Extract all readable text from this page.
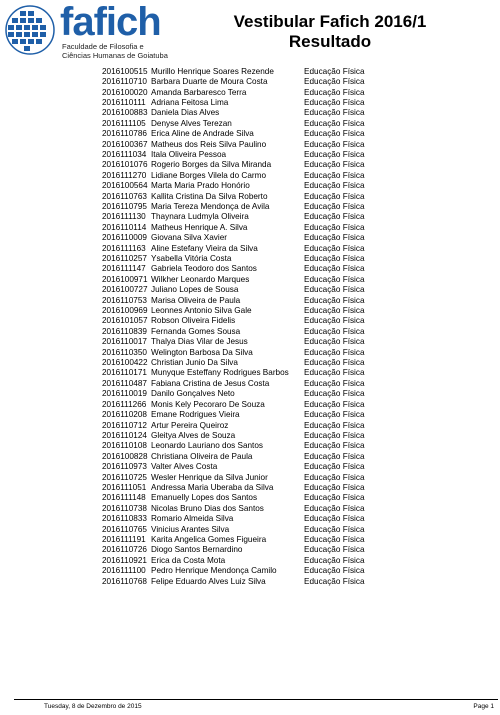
fafich
Faculdade de Filosofia e
Ciências Humanas de Goiatuba
Vestibular Fafich 2016/1
Resultado
2016100515 Murillo Henrique Soares Rezende	Educação Física
2016110710 Barbara Duarte de Moura Costa	Educação Física
2016100020 Amanda Barbaresco Terra	Educação Física
2016110111 Adriana Feitosa Lima	Educação Física
2016100883 Daniela Dias Alves	Educação Física
2016111105 Denyse Alves Terezan	Educação Física
2016110786 Erica Aline de Andrade Silva	Educação Física
2016100367 Matheus dos Reis Silva Paulino	Educação Física
2016111034 Itala Oliveira Pessoa	Educação Física
2016101076 Rogerio Borges da Silva Miranda	Educação Física
2016111270 Lidiane Borges Vilela do Carmo	Educação Física
2016100564 Marta Maria Prado Honório	Educação Física
2016110763 Kallita Cristina Da Silva Roberto	Educação Física
2016110795 Maria Tereza Mendonça de Avila	Educação Física
2016111130 Thaynara Ludmyla Oliveira	Educação Física
2016110114 Matheus Henrique A. Silva	Educação Física
2016110009 Giovana Silva Xavier	Educação Física
2016111163 Aline Estefany Vieira da Silva	Educação Física
2016110257 Ysabella Vitória Costa	Educação Física
2016111147 Gabriela Teodoro dos Santos	Educação Física
2016100971 Wilkher Leonardo Marques	Educação Física
2016100727 Juliano Lopes de Sousa	Educação Física
2016110753 Marisa Oliveira de Paula	Educação Física
2016100969 Leonnes Antonio Silva Gale	Educação Física
2016101057 Robson Oliveira Fidelis	Educação Física
2016110839 Fernanda Gomes Sousa	Educação Física
2016110017 Thalya Dias Vilar de Jesus	Educação Física
2016110350 Welington Barbosa Da Silva	Educação Física
2016100422 Christian Junio Da Silva	Educação Física
2016110171 Munyque Esteffany Rodrigues Barbos	Educação Física
2016110487 Fabiana Cristina de Jesus Costa	Educação Física
2016110019 Danilo Gonçalves Neto	Educação Física
2016111266 Monis Kely Pecoraro De Souza	Educação Física
2016110208 Emane Rodrigues Vieira	Educação Física
2016110712 Artur Pereira Queiroz	Educação Física
2016110124 Gleitya Alves de Souza	Educação Física
2016110108 Leonardo Lauriano dos Santos	Educação Física
2016100828 Christiana Oliveira de Paula	Educação Física
2016110973 Valter Alves Costa	Educação Física
2016110725 Wesler Henrique da Silva Junior	Educação Física
2016111051 Andressa Maria Uberaba da Silva	Educação Física
2016111148 Emanuelly Lopes dos Santos	Educação Física
2016110738 Nicolas Bruno Dias dos Santos	Educação Física
2016110833 Romario Almeida Silva	Educação Física
2016110765 Vinicius Arantes Silva	Educação Física
2016111191 Karita Angelica Gomes Figueira	Educação Física
2016110726 Diogo Santos Bernardino	Educação Física
2016110921 Erica da Costa Mota	Educação Física
2016111100 Pedro Henrique Mendonça Camilo	Educação Física
2016110768 Felipe Eduardo Alves Luiz Silva	Educação Física
Tuesday, 8 de Dezembro de 2015	Page 1
